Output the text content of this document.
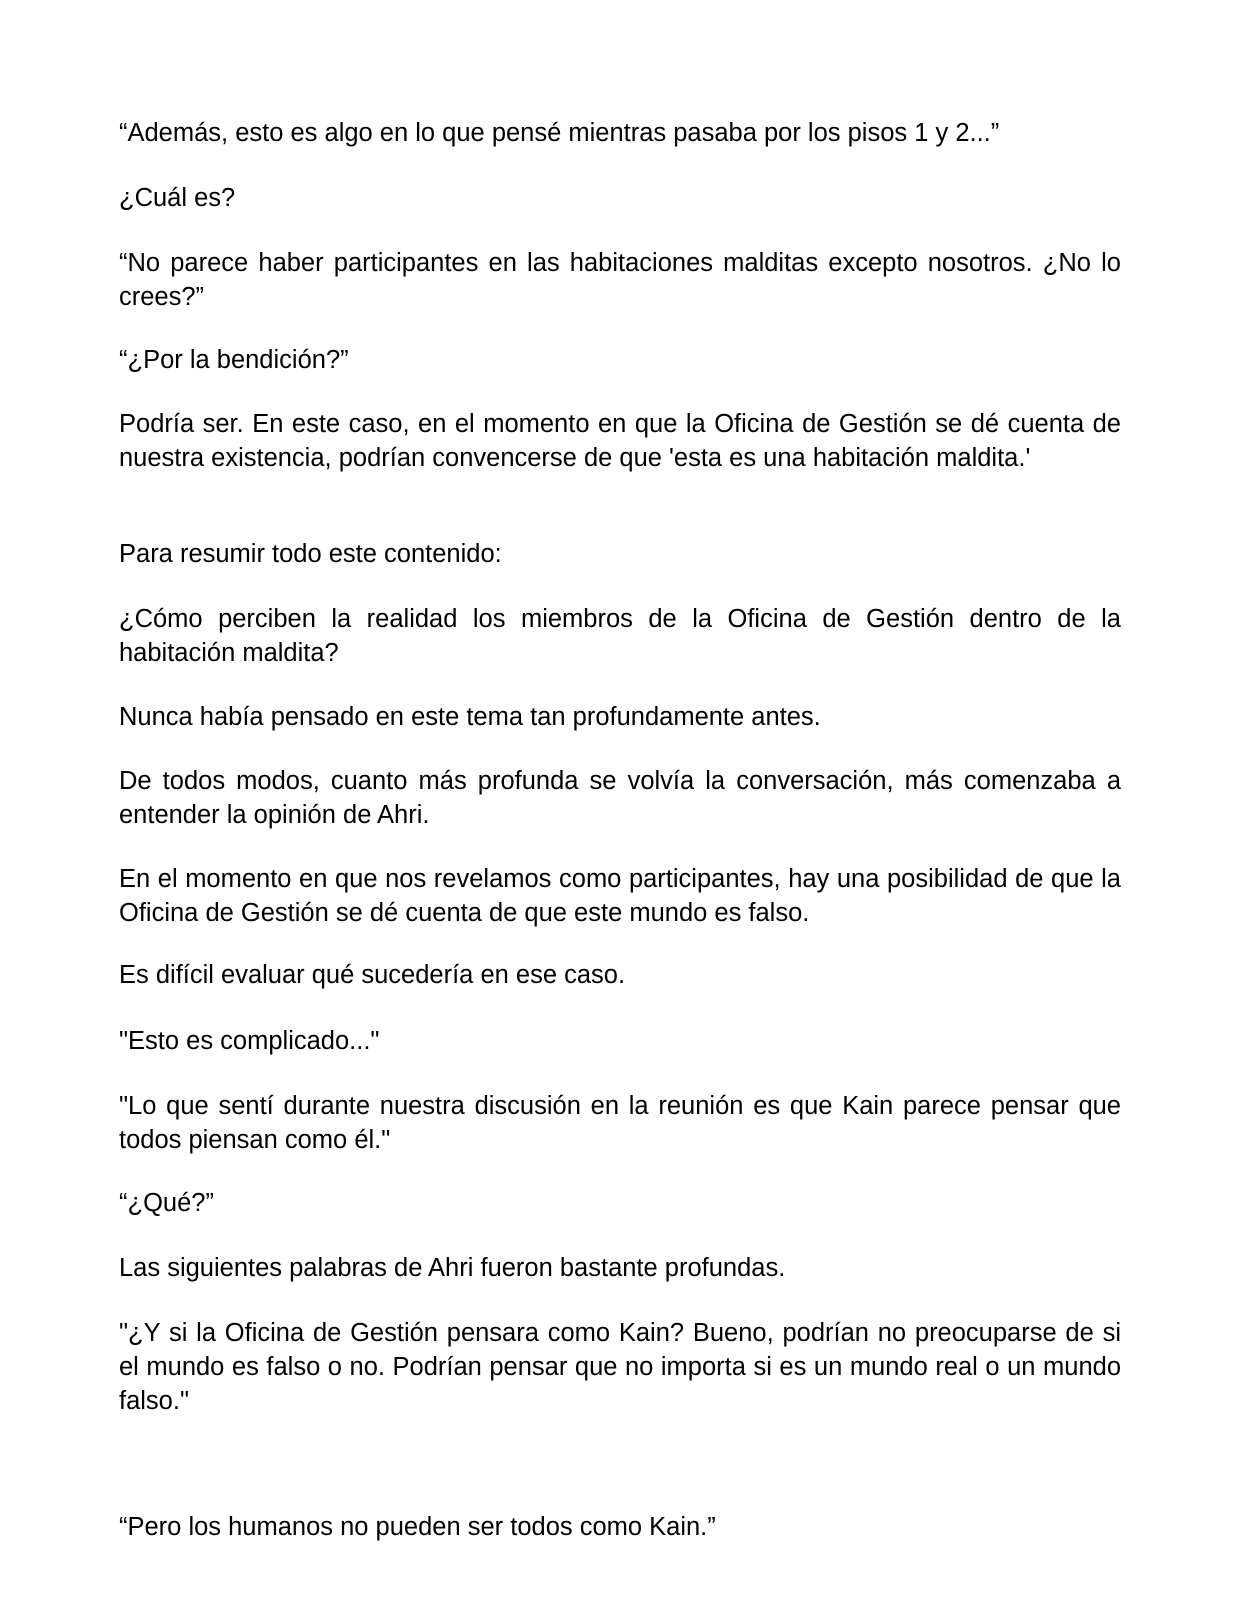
“Además, esto es algo en lo que pensé mientras pasaba por los pisos 1 y 2...”

¿Cuál es?

“No parece haber participantes en las habitaciones malditas excepto nosotros. ¿No lo crees?”

“¿Por la bendición?”

Podría ser. En este caso, en el momento en que la Oficina de Gestión se dé cuenta de nuestra existencia, podrían convencerse de que 'esta es una habitación maldita.'

Para resumir todo este contenido:

¿Cómo perciben la realidad los miembros de la Oficina de Gestión dentro de la habitación maldita?

Nunca había pensado en este tema tan profundamente antes.

De todos modos, cuanto más profunda se volvía la conversación, más comenzaba a entender la opinión de Ahri.

En el momento en que nos revelamos como participantes, hay una posibilidad de que la Oficina de Gestión se dé cuenta de que este mundo es falso.

Es difícil evaluar qué sucedería en ese caso.

"Esto es complicado..."

"Lo que sentí durante nuestra discusión en la reunión es que Kain parece pensar que todos piensan como él."

“¿Qué?”

Las siguientes palabras de Ahri fueron bastante profundas.

"¿Y si la Oficina de Gestión pensara como Kain? Bueno, podrían no preocuparse de si el mundo es falso o no. Podrían pensar que no importa si es un mundo real o un mundo falso."

“Pero los humanos no pueden ser todos como Kain.”
